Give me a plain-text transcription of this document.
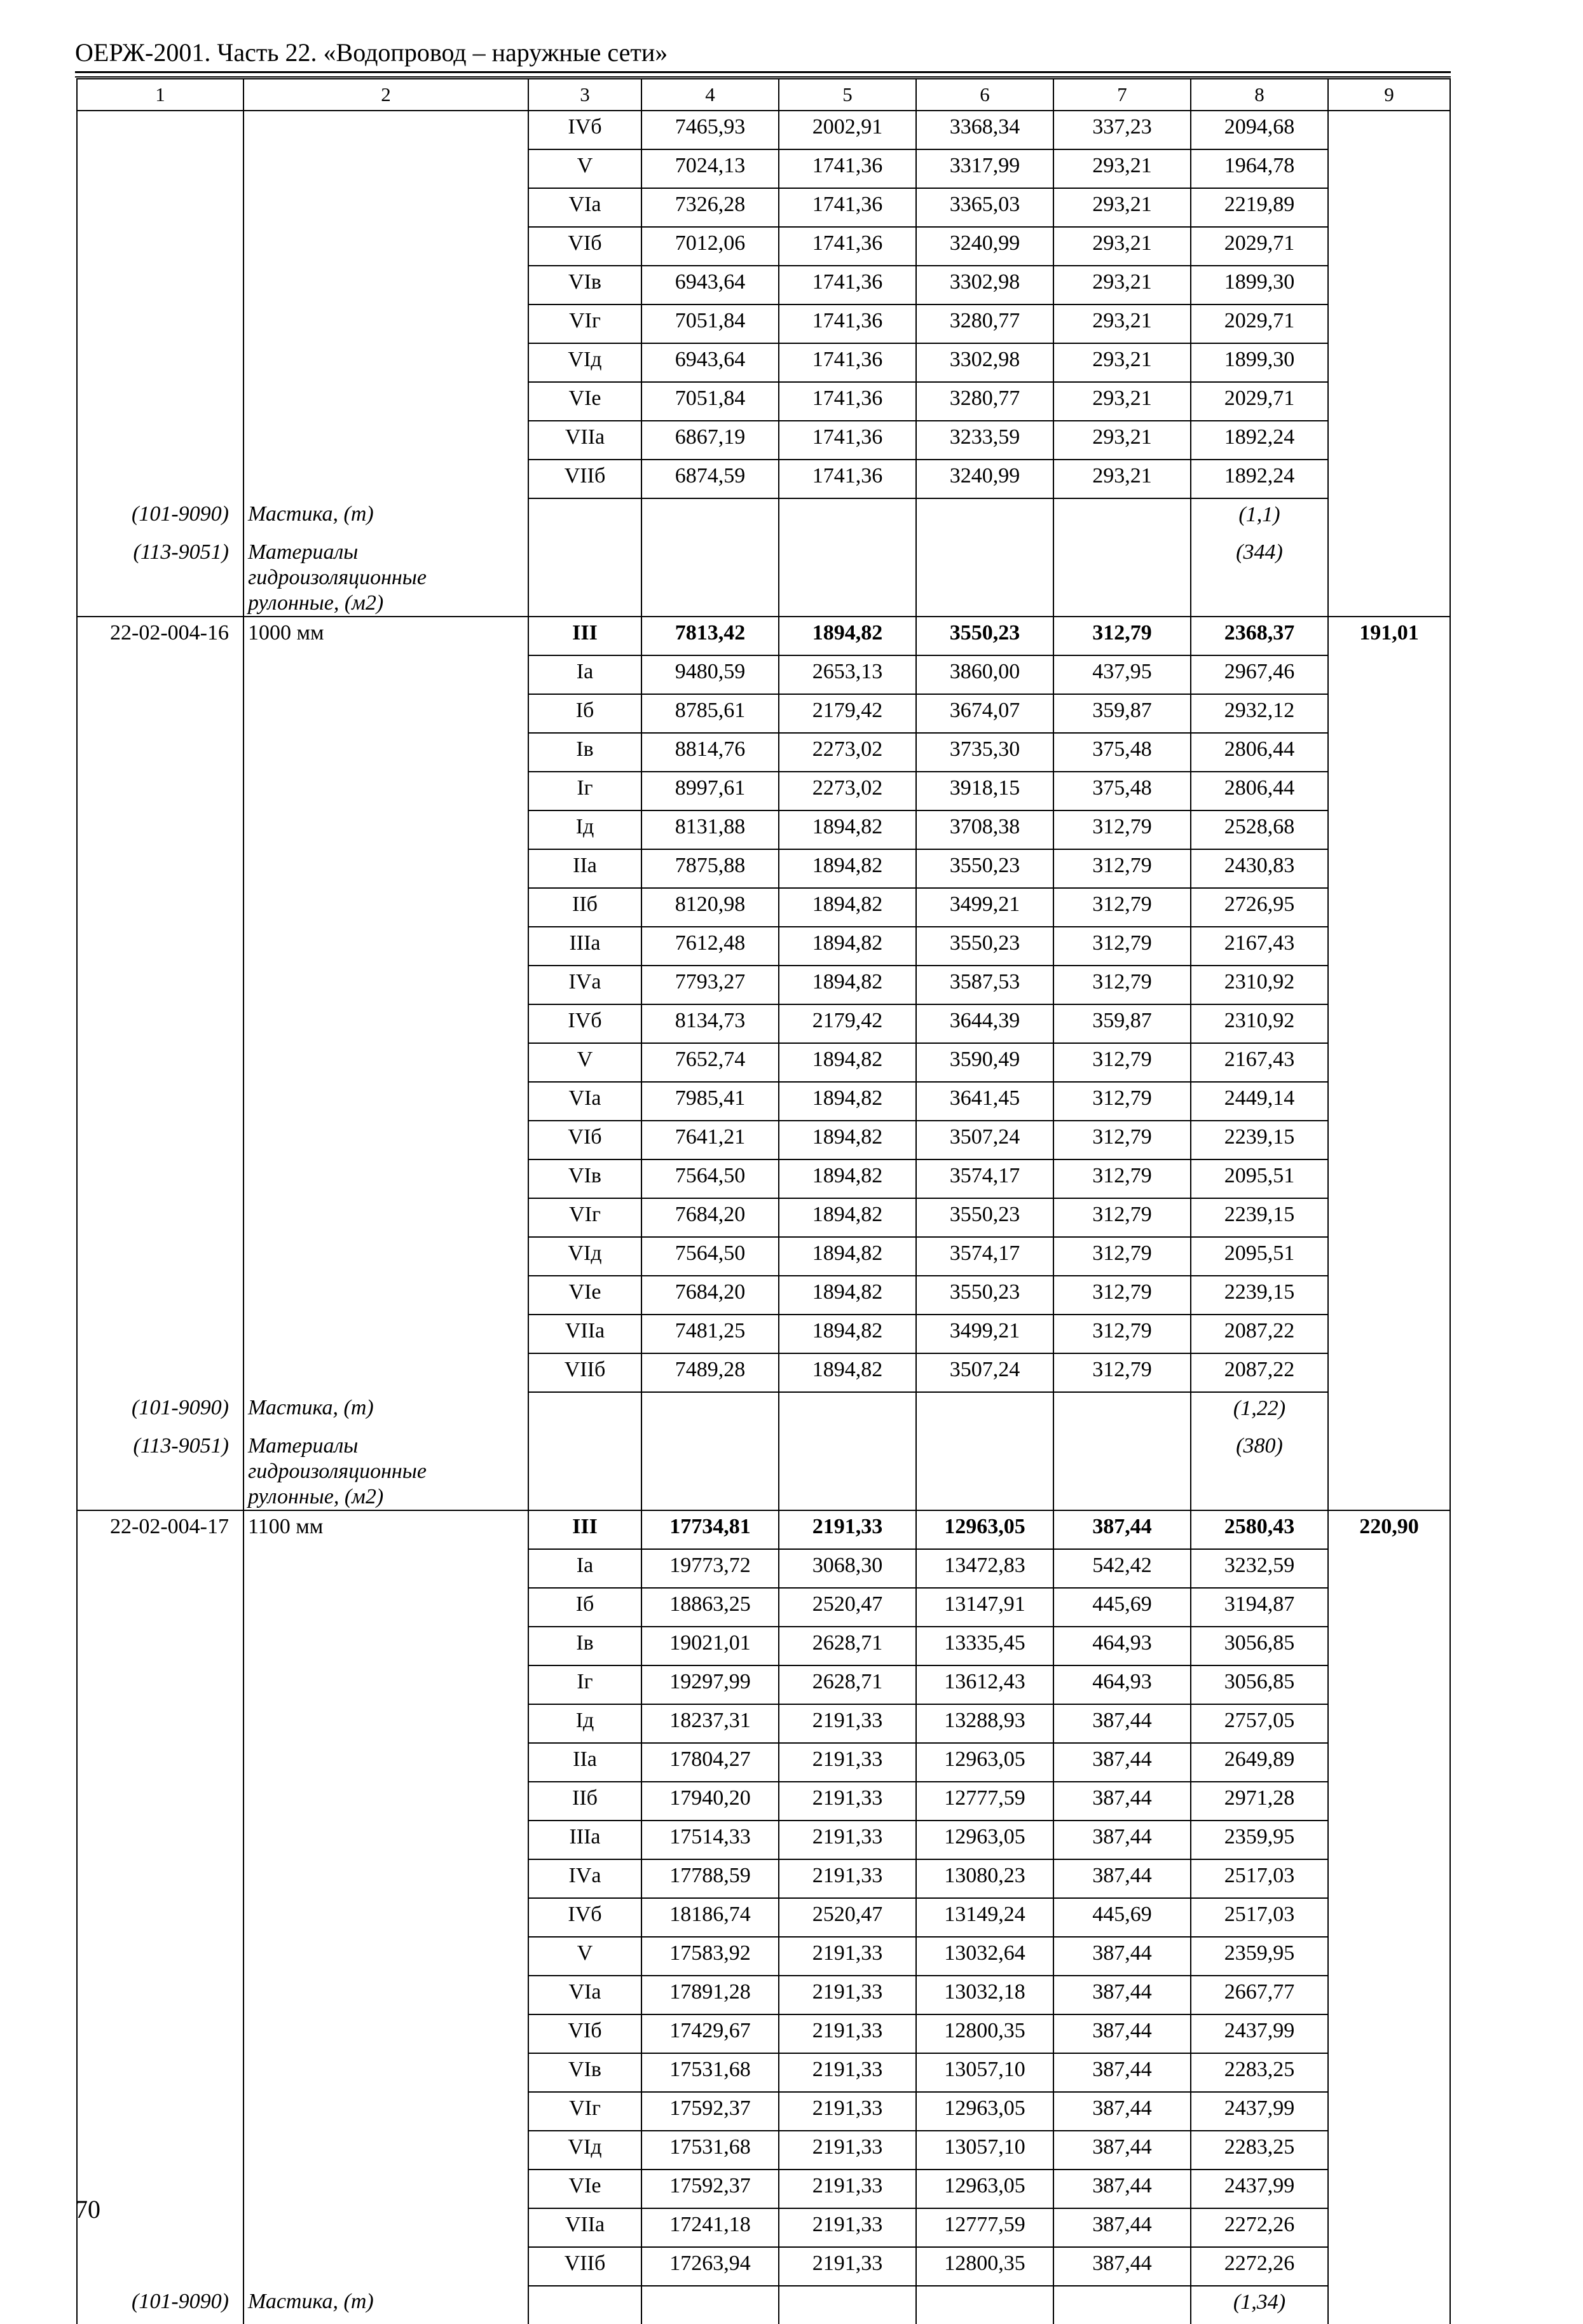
ОЕРЖ-2001. Часть 22. «Водопровод – наружные сети»
1	2	3	4	5	6	7	8	9
		IVб	7465,93	2002,91	3368,34	337,23	2094,68	
		V	7024,13	1741,36	3317,99	293,21	1964,78	
		VIа	7326,28	1741,36	3365,03	293,21	2219,89	
		VIб	7012,06	1741,36	3240,99	293,21	2029,71	
		VIв	6943,64	1741,36	3302,98	293,21	1899,30	
		VIг	7051,84	1741,36	3280,77	293,21	2029,71	
		VIд	6943,64	1741,36	3302,98	293,21	1899,30	
		VIе	7051,84	1741,36	3280,77	293,21	2029,71	
		VIIа	6867,19	1741,36	3233,59	293,21	1892,24	
		VIIб	6874,59	1741,36	3240,99	293,21	1892,24	
(101-9090)	Мастика, (т)						(1,1)	
(113-9051)	Материалы
гидроизоляционные
рулонные, (м2)						(344)	
22-02-004-16	1000 мм	III	7813,42	1894,82	3550,23	312,79	2368,37	191,01
		Iа	9480,59	2653,13	3860,00	437,95	2967,46	
		Iб	8785,61	2179,42	3674,07	359,87	2932,12	
		Iв	8814,76	2273,02	3735,30	375,48	2806,44	
		Iг	8997,61	2273,02	3918,15	375,48	2806,44	
		Iд	8131,88	1894,82	3708,38	312,79	2528,68	
		IIа	7875,88	1894,82	3550,23	312,79	2430,83	
		IIб	8120,98	1894,82	3499,21	312,79	2726,95	
		IIIа	7612,48	1894,82	3550,23	312,79	2167,43	
		IVа	7793,27	1894,82	3587,53	312,79	2310,92	
		IVб	8134,73	2179,42	3644,39	359,87	2310,92	
		V	7652,74	1894,82	3590,49	312,79	2167,43	
		VIа	7985,41	1894,82	3641,45	312,79	2449,14	
		VIб	7641,21	1894,82	3507,24	312,79	2239,15	
		VIв	7564,50	1894,82	3574,17	312,79	2095,51	
		VIг	7684,20	1894,82	3550,23	312,79	2239,15	
		VIд	7564,50	1894,82	3574,17	312,79	2095,51	
		VIе	7684,20	1894,82	3550,23	312,79	2239,15	
		VIIа	7481,25	1894,82	3499,21	312,79	2087,22	
		VIIб	7489,28	1894,82	3507,24	312,79	2087,22	
(101-9090)	Мастика, (т)						(1,22)	
(113-9051)	Материалы
гидроизоляционные
рулонные, (м2)						(380)	
22-02-004-17	1100 мм	III	17734,81	2191,33	12963,05	387,44	2580,43	220,90
		Iа	19773,72	3068,30	13472,83	542,42	3232,59	
		Iб	18863,25	2520,47	13147,91	445,69	3194,87	
		Iв	19021,01	2628,71	13335,45	464,93	3056,85	
		Iг	19297,99	2628,71	13612,43	464,93	3056,85	
		Iд	18237,31	2191,33	13288,93	387,44	2757,05	
		IIа	17804,27	2191,33	12963,05	387,44	2649,89	
		IIб	17940,20	2191,33	12777,59	387,44	2971,28	
		IIIа	17514,33	2191,33	12963,05	387,44	2359,95	
		IVа	17788,59	2191,33	13080,23	387,44	2517,03	
		IVб	18186,74	2520,47	13149,24	445,69	2517,03	
		V	17583,92	2191,33	13032,64	387,44	2359,95	
		VIа	17891,28	2191,33	13032,18	387,44	2667,77	
		VIб	17429,67	2191,33	12800,35	387,44	2437,99	
		VIв	17531,68	2191,33	13057,10	387,44	2283,25	
		VIг	17592,37	2191,33	12963,05	387,44	2437,99	
		VIд	17531,68	2191,33	13057,10	387,44	2283,25	
		VIе	17592,37	2191,33	12963,05	387,44	2437,99	
		VIIа	17241,18	2191,33	12777,59	387,44	2272,26	
		VIIб	17263,94	2191,33	12800,35	387,44	2272,26	
(101-9090)	Мастика, (т)						(1,34)	
70
